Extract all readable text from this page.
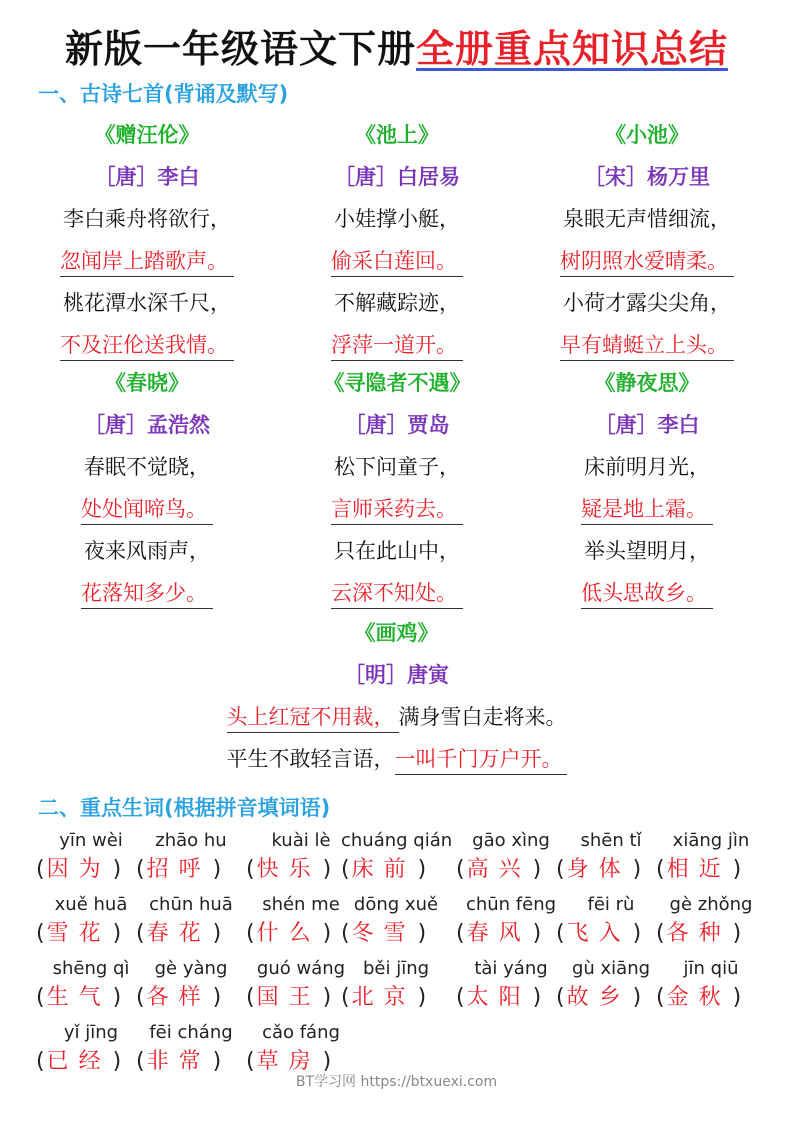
新版一年级语文下册全册重点知识总结
一、古诗七首(背诵及默写)
《赠汪伦》
［唐］李白
李白乘舟将欲行，
忽闻岸上踏歌声。
桃花潭水深千尺，
不及汪伦送我情。
《池上》
［唐］白居易
小娃撑小艇，
偷采白莲回。
不解藏踪迹，
浮萍一道开。
《小池》
［宋］杨万里
泉眼无声惜细流，
树阴照水爱晴柔。
小荷才露尖尖角，
早有蜻蜓立上头。
《春晓》
［唐］孟浩然
春眠不觉晓，
处处闻啼鸟。
夜来风雨声，
花落知多少。
《寻隐者不遇》
［唐］贾岛
松下问童子，
言师采药去。
只在此山中，
云深不知处。
《静夜思》
［唐］李白
床前明月光，
疑是地上霜。
举头望明月，
低头思故乡。
《画鸡》
［明］唐寅
头上红冠不用裁， 满身雪白走将来。
平生不敢轻言语，一叫千门万户开。
二、重点生词(根据拼音填词语)
yīn wèi
(因为)
zhāo hu
(招呼)
kuài lè
(快乐)
chuáng qián
(床前)
gāo xìng
(高兴)
shēn tǐ
(身体)
xiāng jìn
(相近)
xuě huā
(雪花)
chūn huā
(春花)
shén me
(什么)
dōng xuě
(冬雪)
chūn fēng
(春风)
fēi rù
(飞入)
gè zhǒng
(各种)
shēng qì
(生气)
gè yàng
(各样)
guó wáng
(国王)
běi jīng
(北京)
tài yáng
(太阳)
gù xiāng
(故乡)
jīn qiū
(金秋)
yǐ jīng
(已经)
fēi cháng
(非常)
cǎo fáng
(草房)
BT学习网 https://btxuexi.com
